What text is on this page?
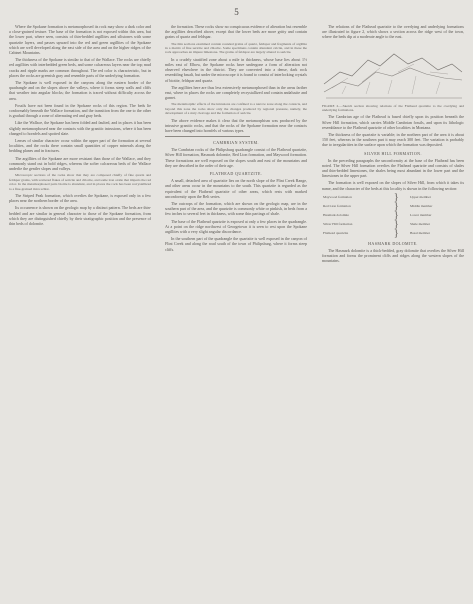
5

Where the Spokane formation is metamorphosed its rock may show a dark color and a close-grained texture. The base of the formation is not exposed within this area, but the lower part, where seen, consists of thin-bedded argillites and siltstones with some quartzite layers, and passes upward into the red and green argillites of the Spokane which are well developed along the east side of the area and on the higher ridges of the Cabinet Mountains.

The thickness of the Spokane is similar to that of the Wallace. The rocks are chiefly red argillites with interbedded green beds, and some calcareous layers near the top; mud cracks and ripple marks are common throughout. The red color is characteristic, but in places the rocks are greenish gray and resemble parts of the underlying formation.

The Spokane is well exposed in the canyons along the eastern border of the quadrangle and on the slopes above the valleys, where it forms steep walls and cliffs that weather into angular blocks; the formation is traced without difficulty across the area.

Fossils have not been found in the Spokane rocks of this region. The beds lie conformably beneath the Wallace formation, and the transition from the one to the other is gradual through a zone of alternating red and gray beds.

Like the Wallace, the Spokane has been folded and faulted, and in places it has been slightly metamorphosed near the contacts with the granitic intrusions, where it has been changed to hornfels and spotted slate.

Lenses of similar character occur within the upper part of the formation at several localities, and the rocks there contain small quantities of copper minerals along the bedding planes and in fractures.

The argillites of the Spokane are more resistant than those of the Wallace, and they commonly stand out in bold ridges, whereas the softer calcareous beds of the Wallace underlie the gentler slopes and valleys.

Microscopic sections of the rocks show that they are composed chiefly of fine quartz and feldspar grains, with scattered flakes of sericite and chlorite, and some iron oxide that imparts the red color. In the metamorphosed parts biotite is abundant, and in places the rock has been recrystallized to a fine-grained mica schist.

The Striped Peak formation, which overlies the Spokane, is exposed only in a few places near the northern border of the area.

Its occurrence is shown on the geologic map by a distinct pattern. The beds are thin-bedded and are similar in general character to those of the Spokane formation, from which they are distinguished chiefly by their stratigraphic position and the presence of thin beds of dolomite.

the formation. These rocks show no conspicuous evidence of alteration but resemble the argillites described above, except that the lower beds are more gritty and contain grains of quartz and feldspar.

The thin sections examined contain rounded grains of quartz, feldspar and fragments of argillite in a matrix of fine sericite and chlorite. Some specimens contain abundant calcite, and in these the rock approaches an impure limestone. The grains of feldspar are largely altered to sericite.

In a crudely stratified zone about a mile in thickness, whose base lies about 1½ miles east of Elbow, the Spokane rocks have undergone a form of alteration not observed elsewhere in the district. They are converted into a dense, dark rock resembling basalt, but under the microscope it is found to consist of interlocking crystals of biotite, feldspar and quartz.

The argillites here are thus less extensively metamorphosed than in the areas farther east, where in places the rocks are completely recrystallized and contain andalusite and garnet.

The metamorphic effects of the intrusions are confined to a narrow zone along the contacts, and beyond this zone the rocks show only the changes produced by regional pressure, namely, the development of a slaty cleavage and the formation of sericite.

The above evidence makes it clear that the metamorphism was produced by the intrusive granitic rocks, and that the rocks of the Spokane formation near the contacts have been changed into hornfels of various types.

CAMBRIAN SYSTEM.

The Cambrian rocks of the Philipsburg quadrangle consist of the Flathead quartzite, Silver Hill formation, Hasmark dolomite, Red Lion formation, and Maywood formation. These formations are well exposed on the slopes south and east of the mountains and they are described in the order of their age.

FLATHEAD QUARTZITE.

A small, detached area of quartzite lies on the north slope of the Flint Creek Range, and other areas occur in the mountains to the south. This quartzite is regarded as the equivalent of the Flathead quartzite of other areas, which rests with marked unconformity upon the Belt series.

The outcrops of the formation, which are shown on the geologic map, are in the southern part of the area, and the quartzite is commonly white or pinkish, in beds from a few inches to several feet in thickness, with some thin partings of shale.

The base of the Flathead quartzite is exposed at only a few places in the quadrangle. At a point on the ridge northwest of Georgetown it is seen to rest upon the Spokane argillites with a very slight angular discordance.

In the southern part of the quadrangle the quartzite is well exposed in the canyon of Flint Creek and along the road south of the town of Philipsburg, where it forms steep cliffs.

The relations of the Flathead quartzite to the overlying and underlying formations are illustrated in figure 2, which shows a section across the ridge west of the town, where the beds dip at a moderate angle to the east.

FIGURE 2.—Sketch section showing relations of the Flathead quartzite to the overlying and underlying formations.

The Cambrian age of the Flathead is based chiefly upon its position beneath the Silver Hill formation, which carries Middle Cambrian fossils, and upon its lithologic resemblance to the Flathead quartzite of other localities in Montana.

The thickness of the quartzite is variable; in the northern part of the area it is about 150 feet, whereas in the southern part it may reach 300 feet. The variation is probably due to irregularities in the surface upon which the formation was deposited.

SILVER HILL FORMATION.

In the preceding paragraphs the unconformity at the base of the Flathead has been noted. The Silver Hill formation overlies the Flathead quartzite and consists of shales and thin-bedded limestones, the shales being most abundant in the lower part and the limestones in the upper part.

The formation is well exposed on the slopes of Silver Hill, from which it takes its name, and the character of the beds at this locality is shown in the following section:

Maywood formation	}	Upper member
Red Lion formation	}	Middle member
Hasmark dolomite	}	Lower member
Silver Hill formation	}	Shale member
Flathead quartzite	}	Basal member
HASMARK DOLOMITE.

The Hasmark dolomite is a thick-bedded, gray dolomite that overlies the Silver Hill formation and forms the prominent cliffs and ridges along the western slopes of the mountains.
